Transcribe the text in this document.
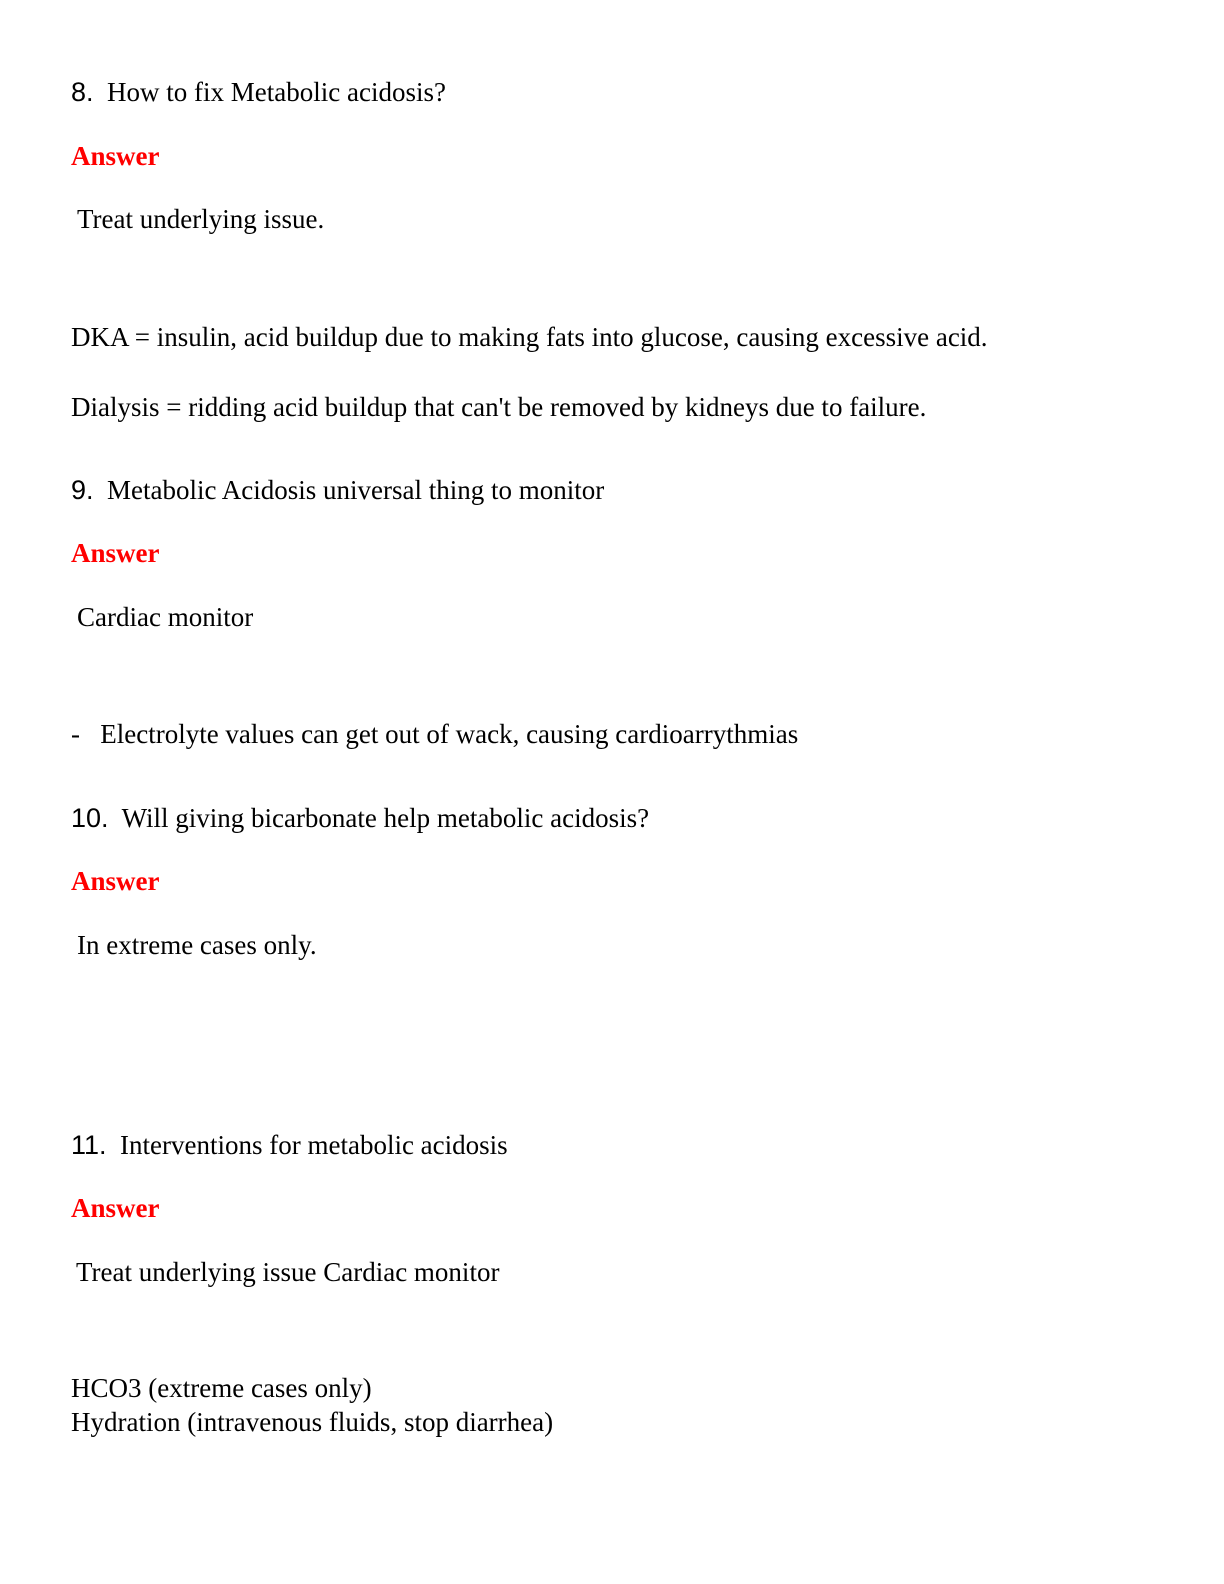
8. How to fix Metabolic acidosis?
Answer
Treat underlying issue.
DKA = insulin, acid buildup due to making fats into glucose, causing excessive acid.
Dialysis = ridding acid buildup that can't be removed by kidneys due to failure.
9. Metabolic Acidosis universal thing to monitor
Answer
Cardiac monitor
-   Electrolyte values can get out of wack, causing cardioarrythmias
10. Will giving bicarbonate help metabolic acidosis?
Answer
In extreme cases only.
11. Interventions for metabolic acidosis
Answer
Treat underlying issue Cardiac monitor
HCO3 (extreme cases only)
Hydration (intravenous fluids, stop diarrhea)
